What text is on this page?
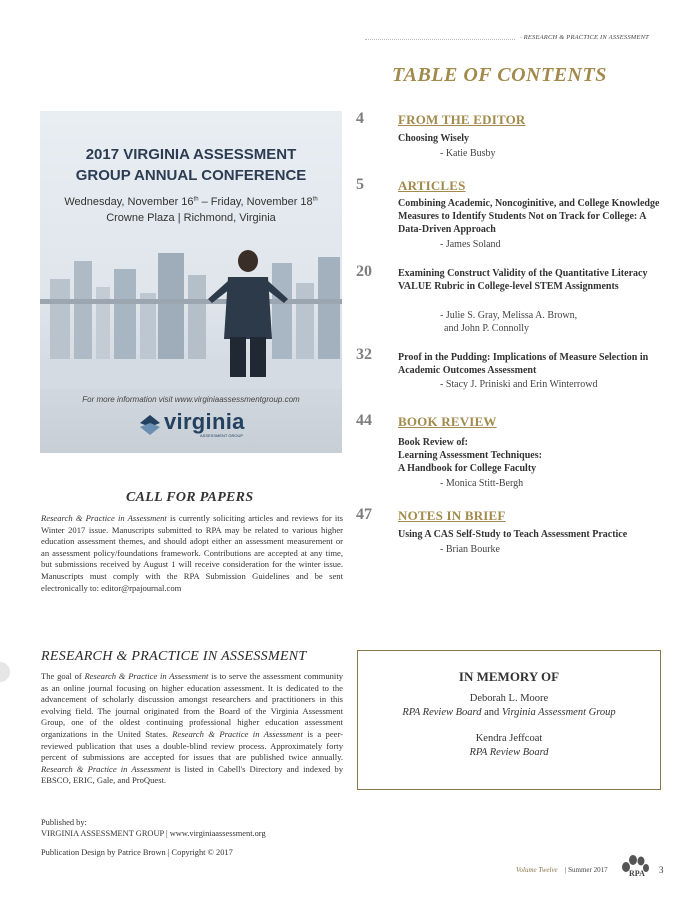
· RESEARCH & PRACTICE IN ASSESSMENT
TABLE OF CONTENTS
4	FROM THE EDITOR
Choosing Wisely
- Katie Busby
5	ARTICLES
Combining Academic, Noncoginitive, and College Knowledge Measures to Identify Students Not on Track for College: A Data-Driven Approach
- James Soland
20	Examining Construct Validity of the Quantitative Literacy VALUE Rubric in College-level STEM Assignments
- Julie S. Gray, Melissa A. Brown,
and John P. Connolly
32	Proof in the Pudding: Implications of Measure Selection in Academic Outcomes Assessment
- Stacy J. Priniski and Erin Winterrowd
44 BOOK REVIEW
Book Review of:
Learning Assessment Techniques:
A Handbook for College Faculty
- Monica Stitt-Bergh
47 NOTES IN BRIEF
Using A CAS Self-Study to Teach Assessment Practice
- Brian Bourke
2017 VIRGINIA ASSESSMENT
GROUP ANNUAL CONFERENCE
Wednesday, November 16th – Friday, November 18th
Crowne Plaza | Richmond, Virginia
For more information visit www.virginiaassessmentgroup.com
virginia
ASSESSMENT GROUP
CALL FOR PAPERS
Research & Practice in Assessment is currently soliciting articles and reviews for its Winter 2017 issue. Manuscripts submitted to RPA may be related to various higher education assessment themes, and should adopt either an assessment measurement or an assessment policy/foundations framework. Contributions are accepted at any time, but submissions received by August 1 will receive consideration for the winter issue. Manuscripts must comply with the RPA Submission Guidelines and be sent electronically to: editor@rpajournal.com
RESEARCH & PRACTICE IN ASSESSMENT
The goal of Research & Practice in Assessment is to serve the assessment community as an online journal focusing on higher education assessment. It is dedicated to the advancement of scholarly discussion amongst researchers and practitioners in this evolving field. The journal originated from the Board of the Virginia Assessment Group, one of the oldest continuing professional higher education assessment organizations in the United States. Research & Practice in Assessment is a peer-reviewed publication that uses a double-blind review process. Approximately forty percent of submissions are accepted for issues that are published twice annually. Research & Practice in Assessment is listed in Cabell's Directory and indexed by EBSCO, ERIC, Gale, and ProQuest.
IN MEMORY OF
Deborah L. Moore
RPA Review Board and Virginia Assessment Group
Kendra Jeffcoat
RPA Review Board
Published by:
VIRGINIA ASSESSMENT GROUP | www.virginiaassessment.org
Publication Design by Patrice Brown | Copyright © 2017
Volume Twelve | Summer 2017	RPA 3
